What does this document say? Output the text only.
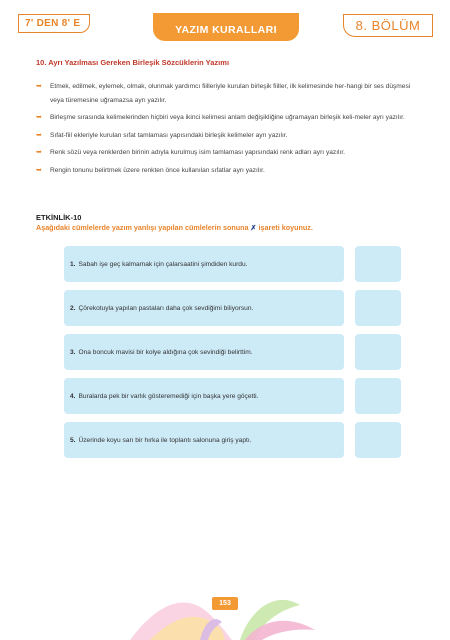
7' DEN 8' E
YAZIM KURALLARI	8. BÖLÜM
10. Ayrı Yazılması Gereken Birleşik Sözcüklerin Yazımı
➥ Etmek, edilmek, eylemek, olmak, olunmak yardımcı fiilleriyle kurulan birleşik fiiller, ilk kelimesinde her-hangi bir ses düşmesi veya türemesine uğramazsa ayrı yazılır.
➥ Birleşme sırasında kelimelerinden hiçbiri veya ikinci kelimesi anlam değişikliğine uğramayan birleşik keli-meler ayrı yazılır.
➥ Sıfat-fiil ekleriyle kurulan sıfat tamlaması yapısındaki birleşik kelimeler ayrı yazılır.
➥ Renk sözü veya renklerden birinin adıyla kurulmuş isim tamlaması yapısındaki renk adları ayrı yazılır.
➥ Rengin tonunu belirtmek üzere renkten önce kullanılan sıfatlar ayrı yazılır.
ETKİNLİK-10
Aşağıdaki cümlelerde yazım yanlışı yapılan cümlelerin sonuna ✗ işareti koyunuz.
1. Sabah işe geç kalmamak için çalarsaatini şimdiden kurdu.
2. Çörekotuyla yapılan pastaları daha çok sevdiğimi biliyorsun.
3. Ona boncuk mavisi bir kolye aldığına çok sevindiği belirttim.
4. Buralarda pek bir varlık gösteremediği için başka yere göçetti.
5. Üzerinde koyu sarı bir hırka ile toplantı salonuna giriş yaptı.
153
